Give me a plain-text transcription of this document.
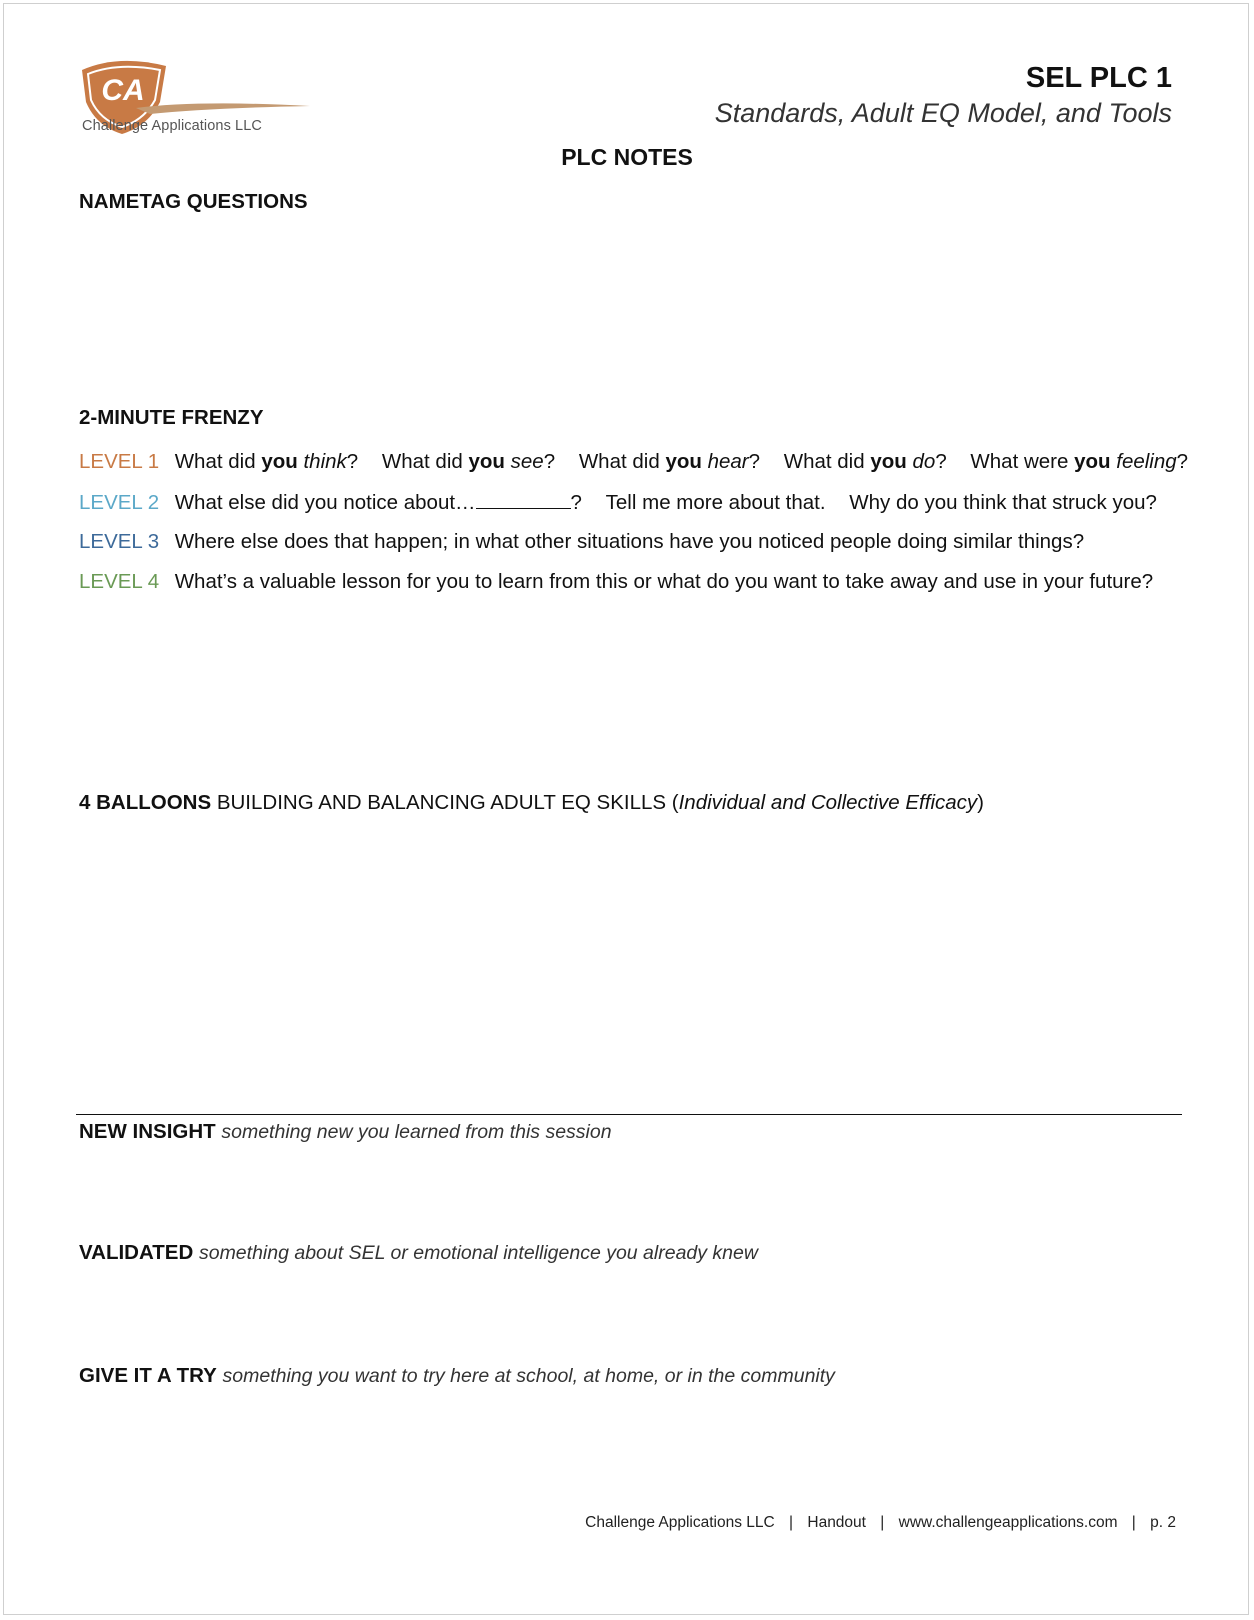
CA
Challenge Applications LLC
SEL PLC 1
Standards, Adult EQ Model, and Tools
PLC NOTES
NAMETAG QUESTIONS
2-MINUTE FRENZY
LEVEL 1 What did you think? What did you see? What did you hear? What did you do? What were you feeling?
LEVEL 2 What else did you notice about…	? Tell me more about that. Why do you think that struck you?
LEVEL 3 Where else does that happen; in what other situations have you noticed people doing similar things?
LEVEL 4 What’s a valuable lesson for you to learn from this or what do you want to take away and use in your future?
4 BALLOONS BUILDING AND BALANCING ADULT EQ SKILLS (Individual and Collective Efficacy)
NEW INSIGHT something new you learned from this session
VALIDATED something about SEL or emotional intelligence you already knew
GIVE IT A TRY something you want to try here at school, at home, or in the community
Challenge Applications LLC | Handout | www.challengeapplications.com | p. 2
